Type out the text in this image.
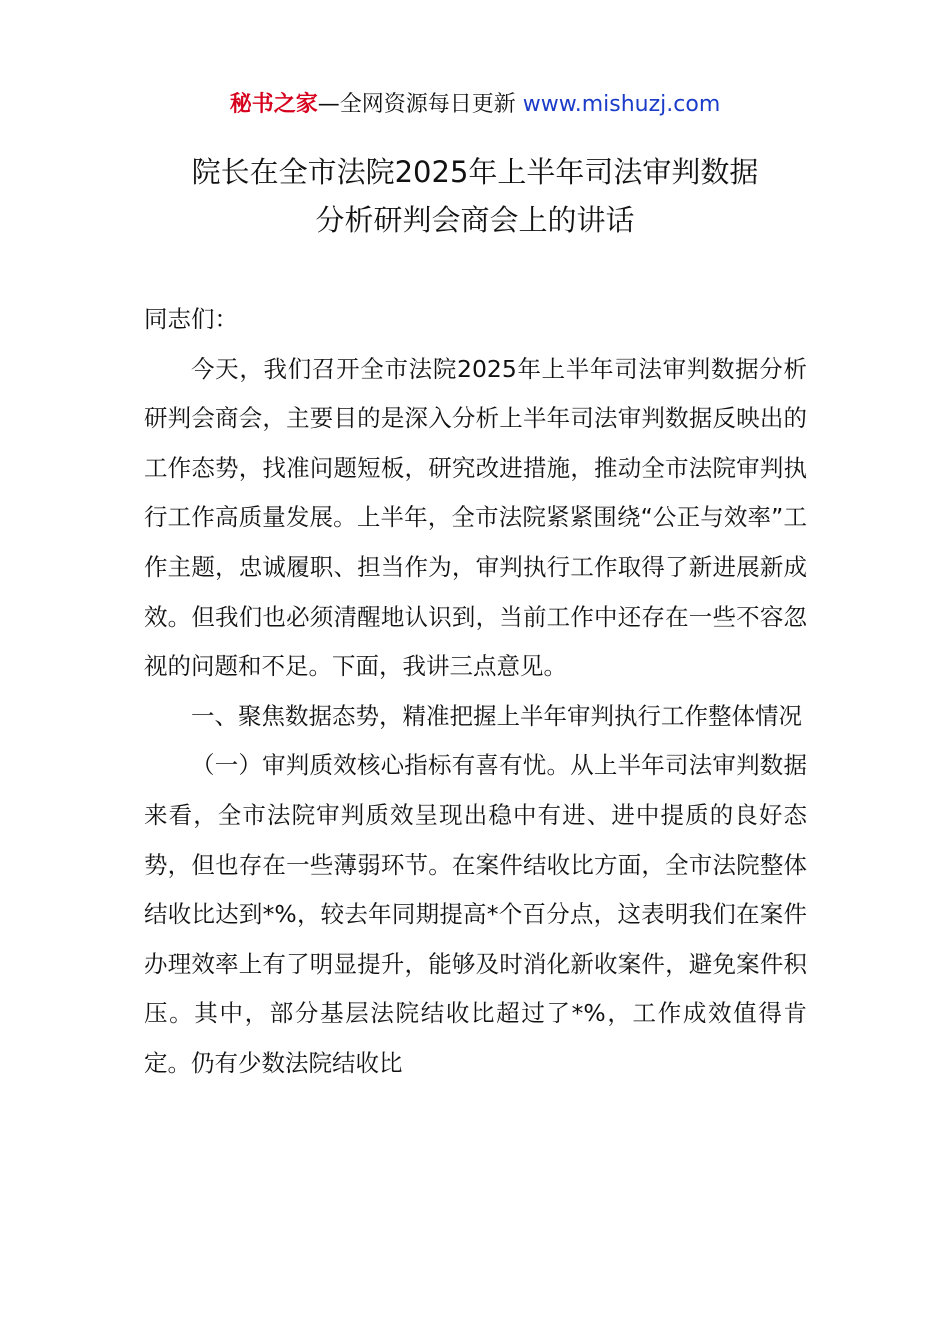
秘书之家—全网资源每日更新 www.mishuzj.com
院长在全市法院2025年上半年司法审判数据
分析研判会商会上的讲话

同志们：

今天，我们召开全市法院2025年上半年司法审判数据分析研判会商会，主要目的是深入分析上半年司法审判数据反映出的工作态势，找准问题短板，研究改进措施，推动全市法院审判执行工作高质量发展。上半年，全市法院紧紧围绕“公正与效率”工作主题，忠诚履职、担当作为，审判执行工作取得了新进展新成效。但我们也必须清醒地认识到，当前工作中还存在一些不容忽视的问题和不足。下面，我讲三点意见。

一、聚焦数据态势，精准把握上半年审判执行工作整体情况

（一）审判质效核心指标有喜有忧。从上半年司法审判数据来看，全市法院审判质效呈现出稳中有进、进中提质的良好态势，但也存在一些薄弱环节。在案件结收比方面，全市法院整体结收比达到*%，较去年同期提高*个百分点，这表明我们在案件办理效率上有了明显提升，能够及时消化新收案件，避免案件积压。其中，部分基层法院结收比超过了*%，工作成效值得肯定。仍有少数法院结收比
